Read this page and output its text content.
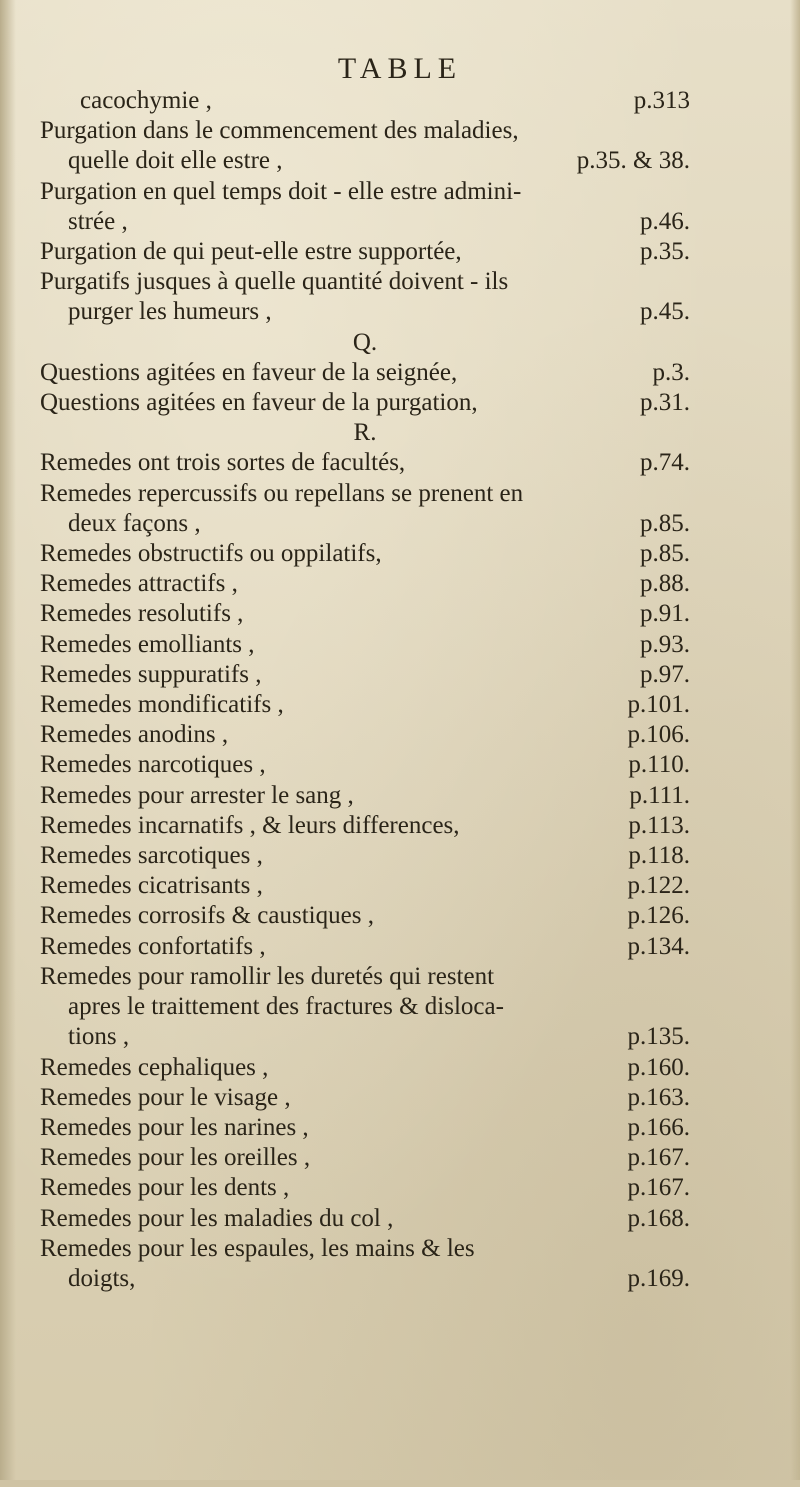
TABLE
cacochymie ,	p.313
Purgation dans le commencement des maladies,
quelle doit elle estre ,	p.35. & 38.
Purgation en quel temps doit - elle estre admini-
strée ,	p.46.
Purgation de qui peut-elle estre supportée,	p.35.
Purgatifs jusques à quelle quantité doivent - ils
purger les humeurs ,	p.45.
Q.
Questions agitées en faveur de la seignée,	p.3.
Questions agitées en faveur de la purgation,	p.31.
R.
Remedes ont trois sortes de facultés,	p.74.
Remedes repercussifs ou repellans se prenent en
deux façons ,	p.85.
Remedes obstructifs ou oppilatifs,	p.85.
Remedes attractifs ,	p.88.
Remedes resolutifs ,	p.91.
Remedes emolliants ,	p.93.
Remedes suppuratifs ,	p.97.
Remedes mondificatifs ,	p.101.
Remedes anodins ,	p.106.
Remedes narcotiques ,	p.110.
Remedes pour arrester le sang ,	p.111.
Remedes incarnatifs , & leurs differences,	p.113.
Remedes sarcotiques ,	p.118.
Remedes cicatrisants ,	p.122.
Remedes corrosifs & caustiques ,	p.126.
Remedes confortatifs ,	p.134.
Remedes pour ramollir les duretés qui restent
apres le traittement des fractures & disloca-
tions ,	p.135.
Remedes cephaliques ,	p.160.
Remedes pour le visage ,	p.163.
Remedes pour les narines ,	p.166.
Remedes pour les oreilles ,	p.167.
Remedes pour les dents ,	p.167.
Remedes pour les maladies du col ,	p.168.
Remedes pour les espaules, les mains & les
doigts,	p.169.
